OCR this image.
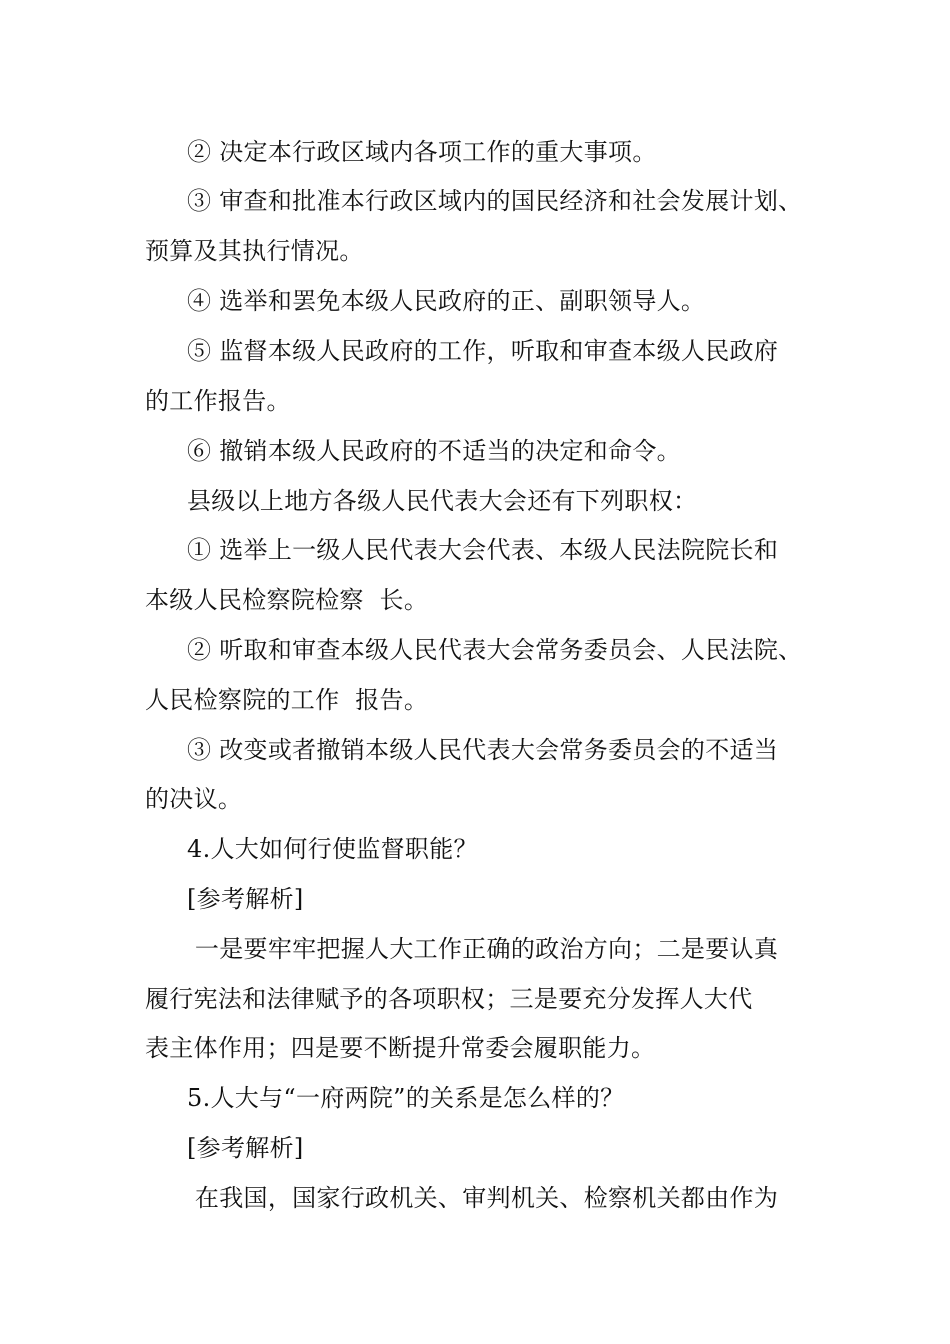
② 决定本行政区域内各项工作的重大事项。
③ 审查和批准本行政区域内的国民经济和社会发展计划、
预算及其执行情况。
④ 选举和罢免本级人民政府的正、副职领导人。
⑤ 监督本级人民政府的工作，听取和审查本级人民政府
的工作报告。
⑥ 撤销本级人民政府的不适当的决定和命令。
县级以上地方各级人民代表大会还有下列职权：
① 选举上一级人民代表大会代表、本级人民法院院长和
本级人民检察院检察  长。
② 听取和审查本级人民代表大会常务委员会、人民法院、
人民检察院的工作  报告。
③ 改变或者撤销本级人民代表大会常务委员会的不适当
的决议。
4.人大如何行使监督职能？
[参考解析]
一是要牢牢把握人大工作正确的政治方向；二是要认真
履行宪法和法律赋予的各项职权；三是要充分发挥人大代
表主体作用；四是要不断提升常委会履职能力。
5.人大与“一府两院”的关系是怎么样的？
[参考解析]
在我国，国家行政机关、审判机关、检察机关都由作为
